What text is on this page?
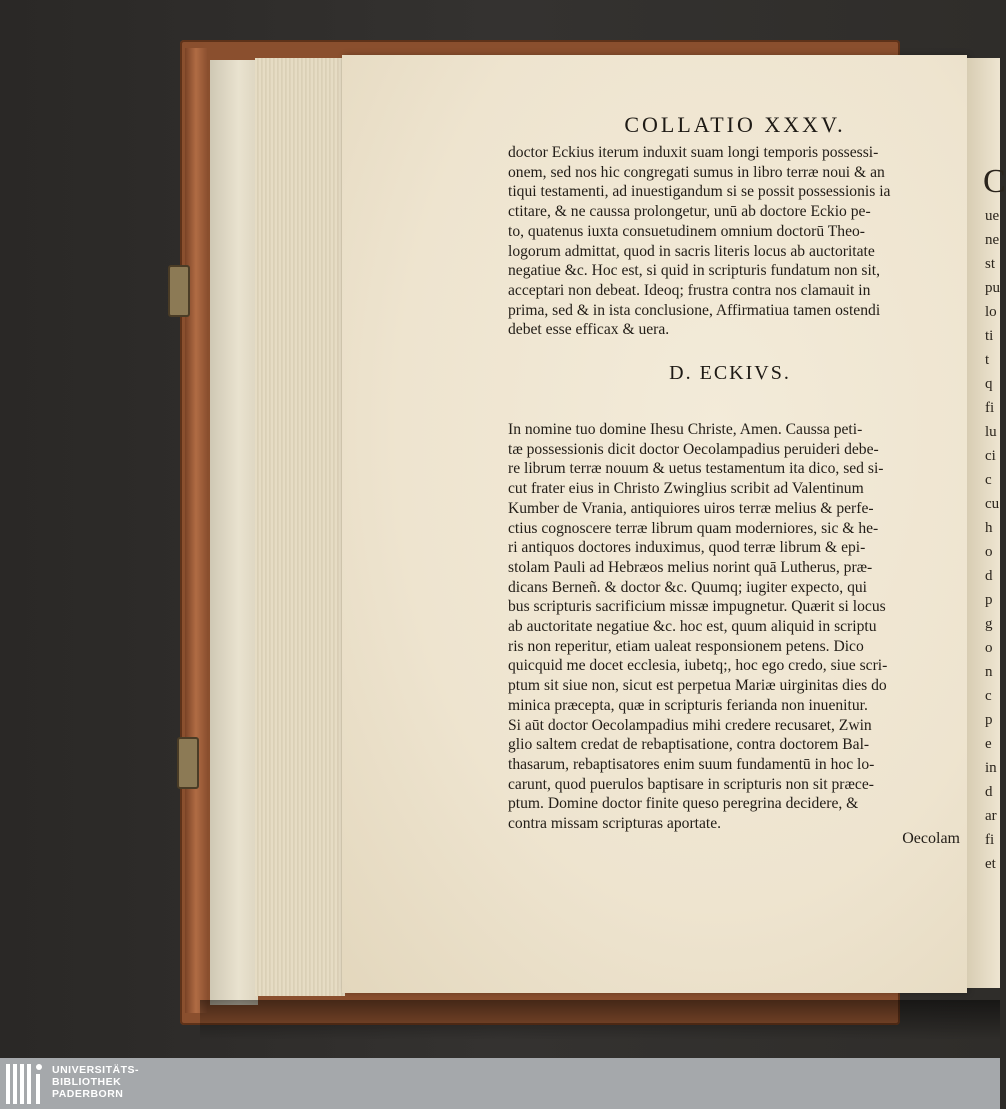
COLLATIO XXXV.

doctor Eckius iterum induxit suam longi temporis possessi-
onem, sed nos hic congregati sumus in libro terræ noui & an
tiqui testamenti, ad inuestigandum si se possit possessionis ia
ctitare, & ne caussa prolongetur, unū ab doctore Eckio pe-
to, quatenus iuxta consuetudinem omnium doctorū Theo-
logorum admittat, quod in sacris literis locus ab auctoritate
negatiue &c. Hoc est, si quid in scripturis fundatum non sit,
acceptari non debeat. Ideoq; frustra contra nos clamauit in
prima, sed & in ista conclusione, Affirmatiua tamen ostendi
debet esse efficax & uera.

D. ECKIVS.

In nomine tuo domine Ihesu Christe, Amen. Caussa peti-
tæ possessionis dicit doctor Oecolampadius peruideri debe-
re librum terræ nouum & uetus testamentum ita dico, sed si-
cut frater eius in Christo Zwinglius scribit ad Valentinum
Kumber de Vrania, antiquiores uiros terræ melius & perfe-
ctius cognoscere terræ librum quam moderniores, sic & he-
ri antiquos doctores induximus, quod terræ librum & epi-
stolam Pauli ad Hebræos melius norint quā Lutherus, præ-
dicans Berneñ. & doctor &c. Quumq; iugiter expecto, qui
bus scripturis sacrificium missæ impugnetur. Quærit si locus
ab auctoritate negatiue &c. hoc est, quum aliquid in scriptu
ris non reperitur, etiam ualeat responsionem petens. Dico
quicquid me docet ecclesia, iubetq;, hoc ego credo, siue scri-
ptum sit siue non, sicut est perpetua Mariæ uirginitas dies do
minica præcepta, quæ in scripturis ferianda non inuenitur.
Si aūt doctor Oecolampadius mihi credere recusaret, Zwin
glio saltem credat de rebaptisatione, contra doctorem Bal-
thasarum, rebaptisatores enim suum fundamentū in hoc lo-
carunt, quod puerulos baptisare in scripturis non sit præce-
ptum. Domine doctor finite queso peregrina decidere, &
contra missam scripturas aportate.

Oecolam
C
ue
ne
st
pu
lo
ti
t
q
fi
lu
ci
c
cu
h
o
d
p
g
o
n
c
p
e
in
d
ar
fi
et
UNIVERSITÄTS-
BIBLIOTHEK
PADERBORN
